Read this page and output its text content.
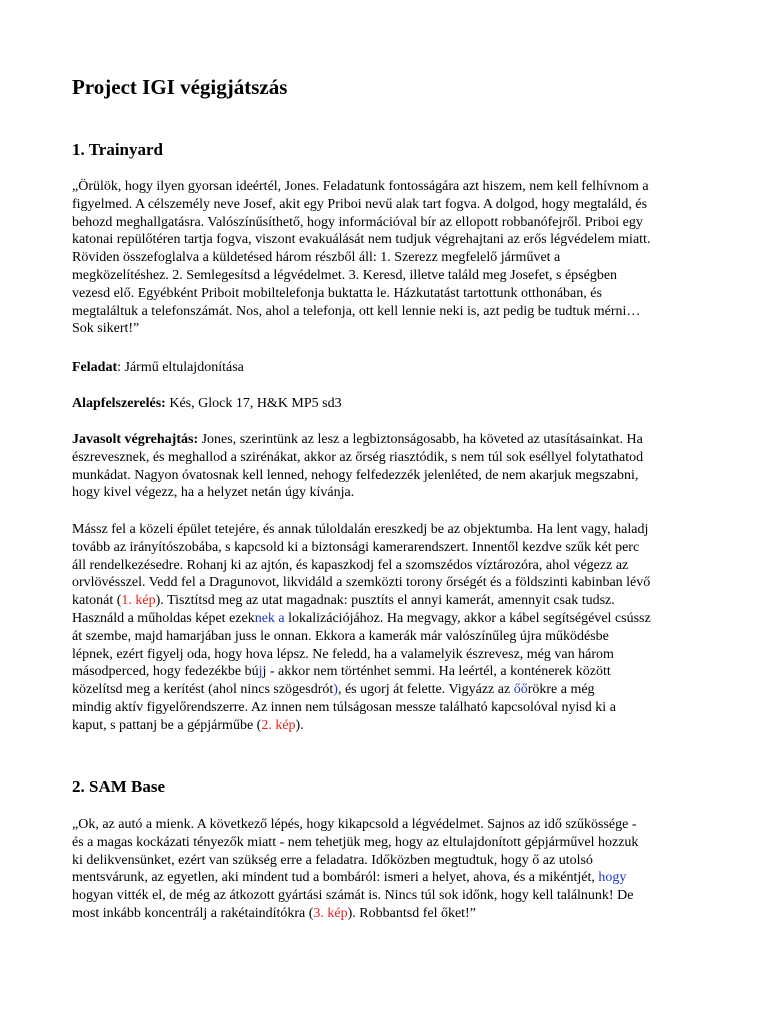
Project IGI végigjátszás
1. Trainyard

„Örülök, hogy ilyen gyorsan ideértél, Jones. Feladatunk fontosságára azt hiszem, nem kell felhívnom a
figyelmed. A célszemély neve Josef, akit egy Priboi nevű alak tart fogva. A dolgod, hogy megtaláld, és
behozd meghallgatásra. Valószínűsíthető, hogy információval bír az ellopott robbanófejről. Priboi egy
katonai repülőtéren tartja fogva, viszont evakuálását nem tudjuk végrehajtani az erős légvédelem miatt.
Röviden összefoglalva a küldetésed három részből áll: 1. Szerezz megfelelő járművet a
megközelítéshez. 2. Semlegesítsd a légvédelmet. 3. Keresd, illetve találd meg Josefet, s épségben
vezesd elő. Egyébként Priboit mobiltelefonja buktatta le. Házkutatást tartottunk otthonában, és
megtaláltuk a telefonszámát. Nos, ahol a telefonja, ott kell lennie neki is, azt pedig be tudtuk mérni…
Sok sikert!”

Feladat: Jármű eltulajdonítása

Alapfelszerelés: Kés, Glock 17, H&K MP5 sd3

Javasolt végrehajtás: Jones, szerintünk az lesz a legbiztonságosabb, ha követed az utasításainkat. Ha
észrevesznek, és meghallod a szirénákat, akkor az őrség riasztódik, s nem túl sok eséllyel folytathatod
munkádat. Nagyon óvatosnak kell lenned, nehogy felfedezzék jelenléted, de nem akarjuk megszabni,
hogy kivel végezz, ha a helyzet netán úgy kívánja.

Mássz fel a közeli épület tetejére, és annak túloldalán ereszkedj be az objektumba. Ha lent vagy, haladj
tovább az irányítószobába, s kapcsold ki a biztonsági kamerarendszert. Innentől kezdve szűk két perc
áll rendelkezésedre. Rohanj ki az ajtón, és kapaszkodj fel a szomszédos víztározóra, ahol végezz az
orvlövésszel. Vedd fel a Dragunovot, likvidáld a szemközti torony őrségét és a földszinti kabinban lévő
katonát (1. kép). Tisztítsd meg az utat magadnak: pusztíts el annyi kamerát, amennyit csak tudsz.
Használd a műholdas képet ezeknek a lokalizációjához. Ha megvagy, akkor a kábel segítségével csússz
át szembe, majd hamarjában juss le onnan. Ekkora a kamerák már valószínűleg újra működésbe
lépnek, ezért figyelj oda, hogy hova lépsz. Ne feledd, ha a valamelyik észrevesz, még van három
másodperced, hogy fedezékbe bújj - akkor nem történhet semmi. Ha leértél, a konténerek között
közelítsd meg a kerítést (ahol nincs szögesdrót), és ugorj át felette. Vigyázz az őőrökre a még
mindig aktív figyelőrendszerre. Az innen nem túlságosan messze található kapcsolóval nyisd ki a
kaput, s pattanj be a gépjárműbe (2. kép).

2. SAM Base

„Ok, az autó a mienk. A következő lépés, hogy kikapcsold a légvédelmet. Sajnos az idő szűkössége -
és a magas kockázati tényezők miatt - nem tehetjük meg, hogy az eltulajdonított gépjárművel hozzuk
ki delikvensünket, ezért van szükség erre a feladatra. Időközben megtudtuk, hogy ő az utolsó
mentsvárunk, az egyetlen, aki mindent tud a bombáról: ismeri a helyet, ahova, és a mikéntjét, hogy
hogyan vitték el, de még az átkozott gyártási számát is. Nincs túl sok időnk, hogy kell találnunk! De
most inkább koncentrálj a rakétaindítókra (3. kép). Robbantsd fel őket!”
